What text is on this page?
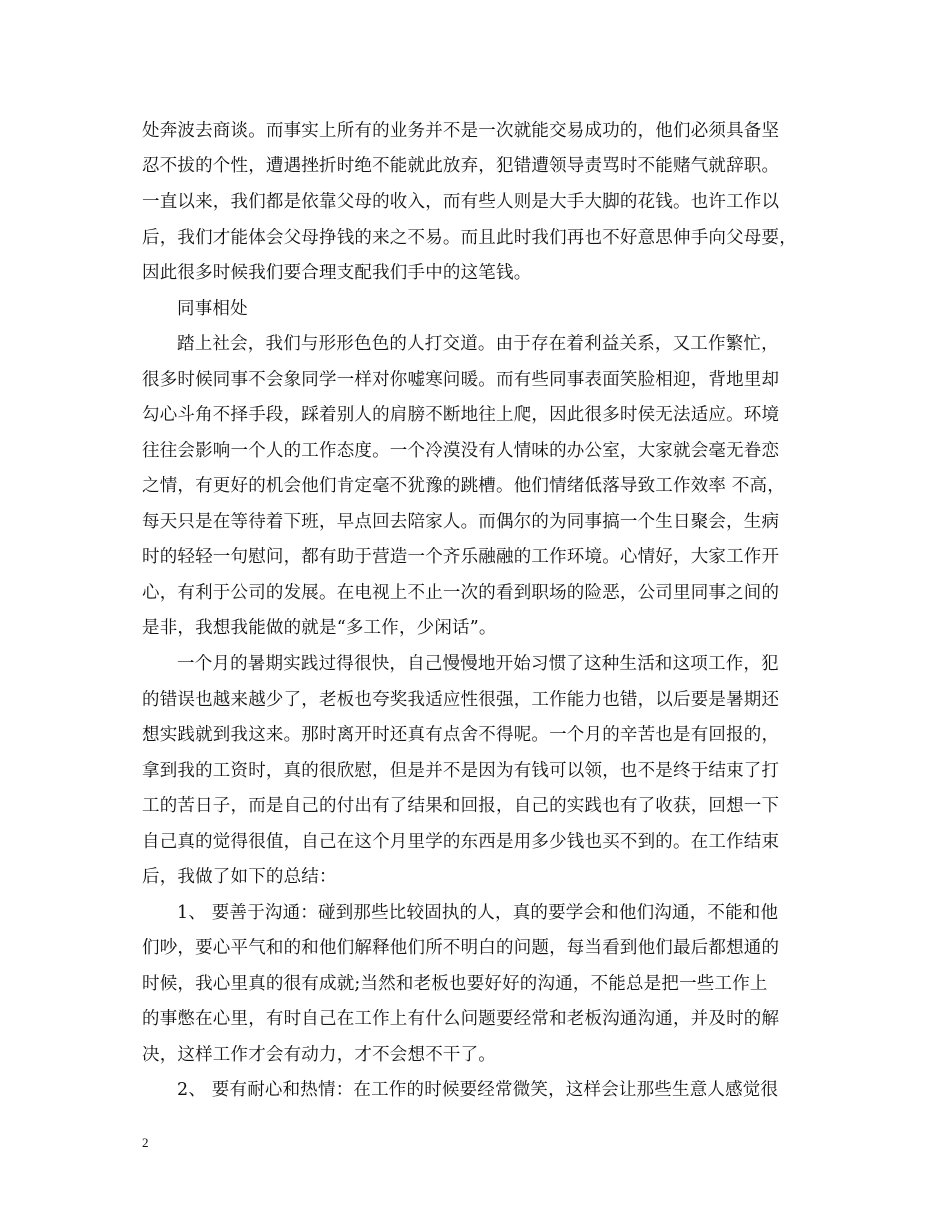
处奔波去商谈。而事实上所有的业务并不是一次就能交易成功的，他们必须具备坚
忍不拔的个性，遭遇挫折时绝不能就此放弃，犯错遭领导责骂时不能赌气就辞职。
一直以来，我们都是依靠父母的收入，而有些人则是大手大脚的花钱。也许工作以
后，我们才能体会父母挣钱的来之不易。而且此时我们再也不好意思伸手向父母要，
因此很多时候我们要合理支配我们手中的这笔钱。
同事相处
踏上社会，我们与形形色色的人打交道。由于存在着利益关系，又工作繁忙，
很多时候同事不会象同学一样对你嘘寒问暖。而有些同事表面笑脸相迎，背地里却
勾心斗角不择手段，踩着别人的肩膀不断地往上爬，因此很多时侯无法适应。环境
往往会影响一个人的工作态度。一个冷漠没有人情味的办公室，大家就会毫无眷恋
之情，有更好的机会他们肯定毫不犹豫的跳槽。他们情绪低落导致工作效率 不高，
每天只是在等待着下班，早点回去陪家人。而偶尔的为同事搞一个生日聚会，生病
时的轻轻一句慰问，都有助于营造一个齐乐融融的工作环境。心情好，大家工作开
心，有利于公司的发展。在电视上不止一次的看到职场的险恶，公司里同事之间的
是非，我想我能做的就是“多工作，少闲话”。
一个月的暑期实践过得很快，自己慢慢地开始习惯了这种生活和这项工作，犯
的错误也越来越少了，老板也夸奖我适应性很强，工作能力也错，以后要是暑期还
想实践就到我这来。那时离开时还真有点舍不得呢。一个月的辛苦也是有回报的，
拿到我的工资时，真的很欣慰，但是并不是因为有钱可以领，也不是终于结束了打
工的苦日子，而是自己的付出有了结果和回报，自己的实践也有了收获，回想一下
自己真的觉得很值，自己在这个月里学的东西是用多少钱也买不到的。在工作结束
后，我做了如下的总结：
1、 要善于沟通：碰到那些比较固执的人，真的要学会和他们沟通，不能和他
们吵，要心平气和的和他们解释他们所不明白的问题，每当看到他们最后都想通的
时候，我心里真的很有成就;当然和老板也要好好的沟通，不能总是把一些工作上
的事憋在心里，有时自己在工作上有什么问题要经常和老板沟通沟通，并及时的解
决，这样工作才会有动力，才不会想不干了。
2、 要有耐心和热情：在工作的时候要经常微笑，这样会让那些生意人感觉很
2
